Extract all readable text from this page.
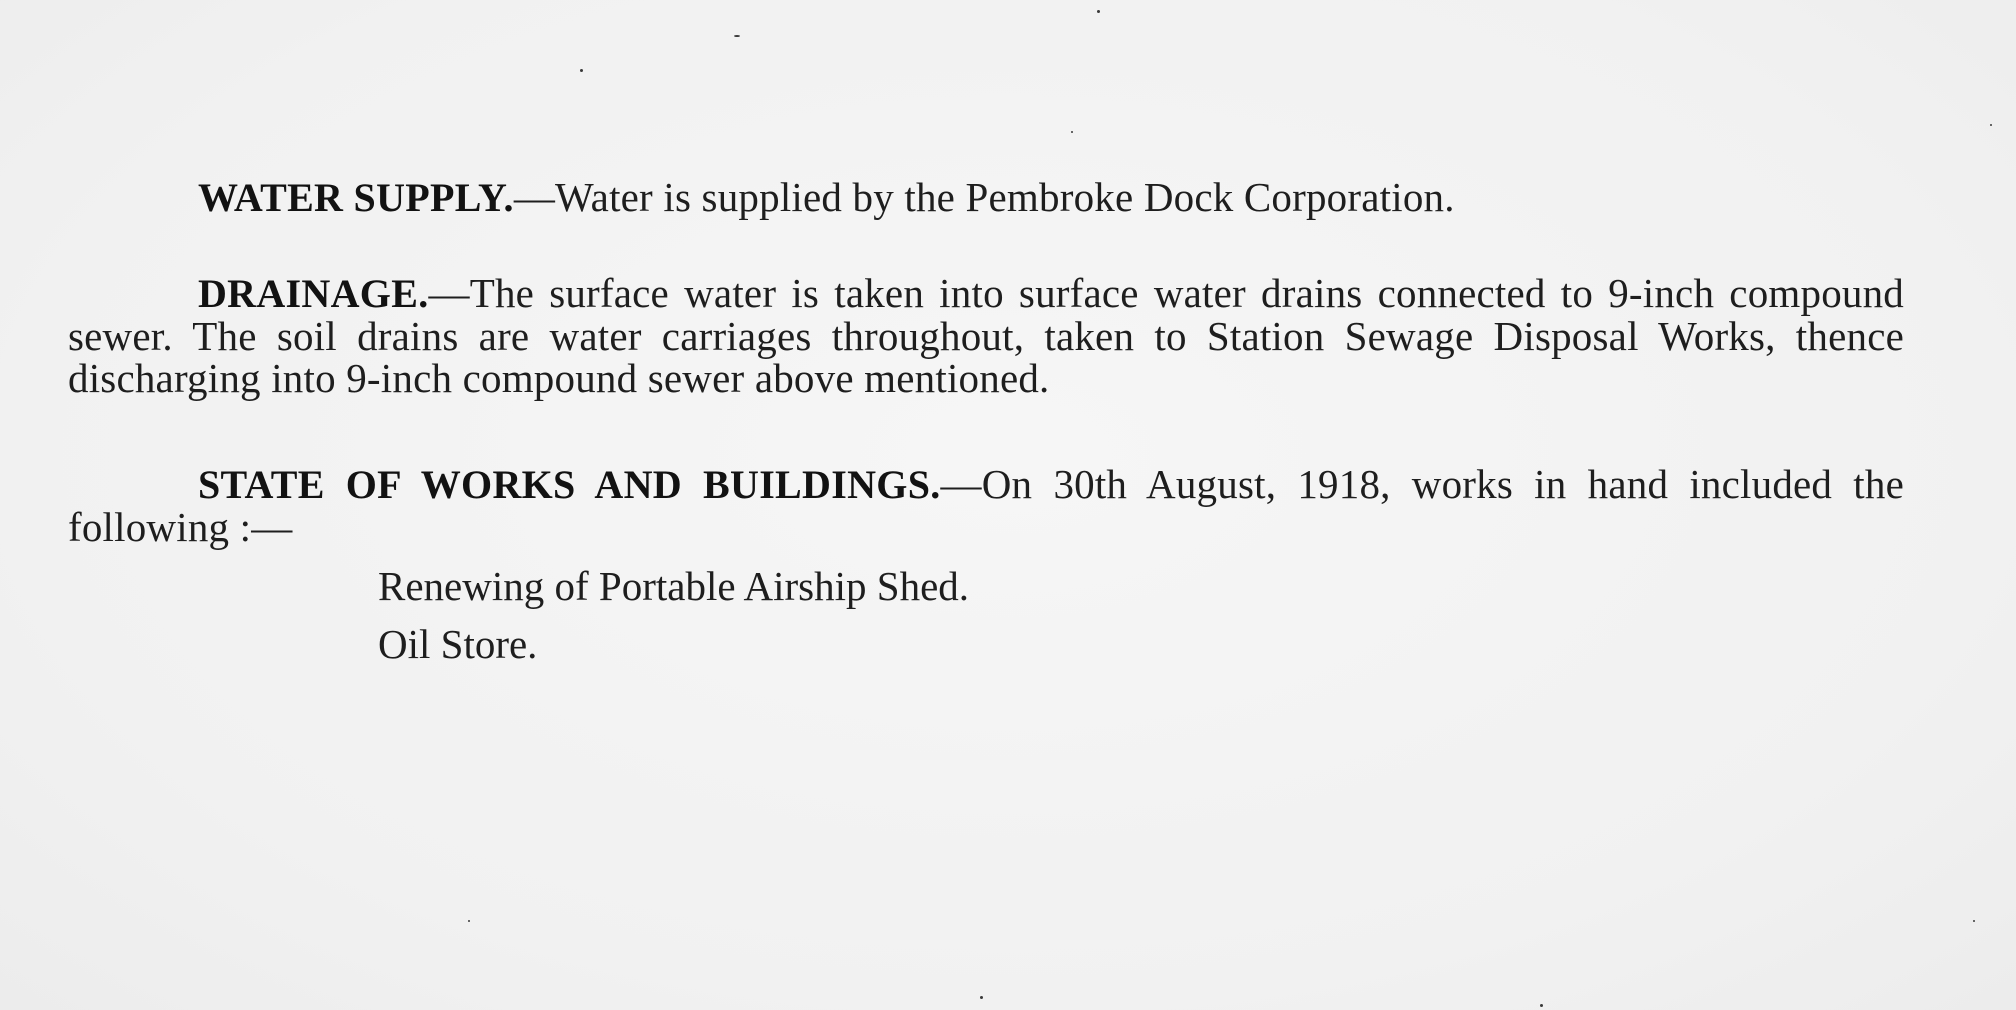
WATER SUPPLY.—Water is supplied by the Pembroke Dock Corporation.

DRAINAGE.—The surface water is taken into surface water drains connected to 9-inch compound sewer. The soil drains are water carriages throughout, taken to Station Sewage Disposal Works, thence discharging into 9-inch compound sewer above mentioned.

STATE OF WORKS AND BUILDINGS.—On 30th August, 1918, works in hand included the following :—

Renewing of Portable Airship Shed.
Oil Store.
